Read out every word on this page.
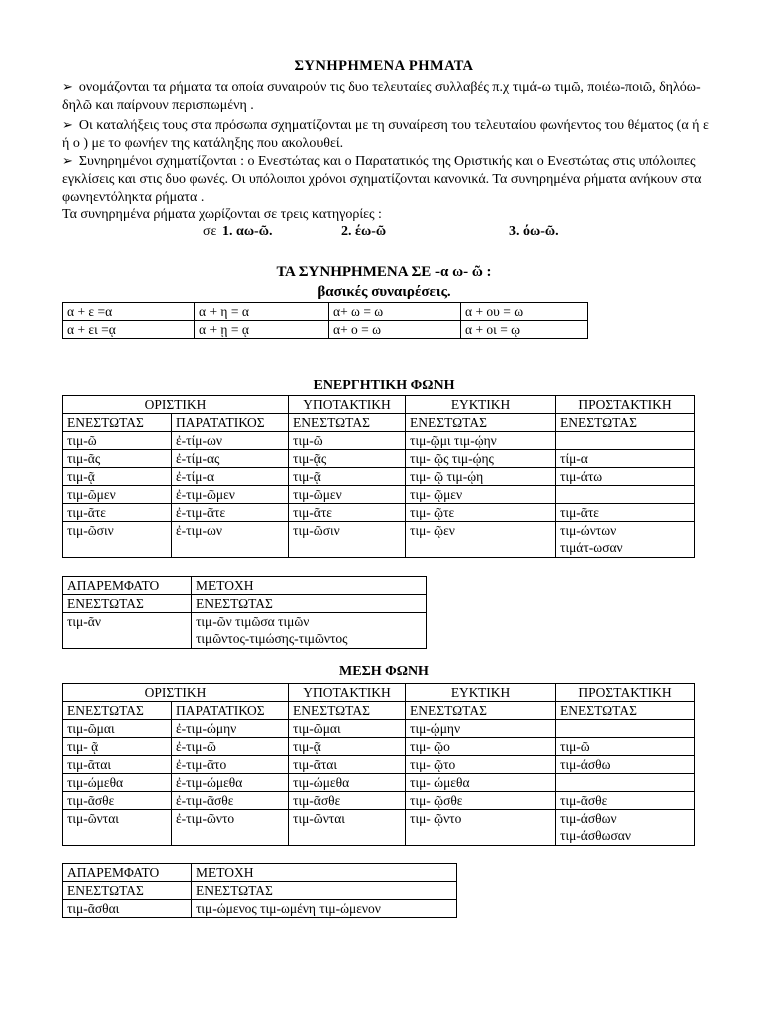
ΣΥΝΗΡΗΜΕΝΑ ΡΗΜΑΤΑ
➢ ονομάζονται τα ρήματα τα οποία συναιρούν τις δυο τελευταίες συλλαβές π.χ τιμά-ω τιμῶ, ποιέω-ποιῶ, δηλόω-δηλῶ και παίρνουν περισπωμένη .
➢ Οι καταλήξεις τους στα πρόσωπα σχηματίζονται με τη συναίρεση του τελευταίου φωνήεντος του θέματος (α ή ε ή ο ) με το φωνήεν της κατάληξης που ακολουθεί.
➢ Συνηρημένοι σχηματίζονται : ο Ενεστώτας και ο Παρατατικός της Οριστικής και ο Ενεστώτας στις υπόλοιπες εγκλίσεις και στις δυο φωνές. Οι υπόλοιποι χρόνοι σχηματίζονται κανονικά. Τα συνηρημένα ρήματα ανήκουν στα φωνηεντόληκτα ρήματα .
Τα συνηρημένα ρήματα χωρίζονται σε τρεις κατηγορίες :
σε 1. αω-ῶ.	2. έω-ῶ	3. όω-ῶ.
ΤΑ ΣΥΝΗΡΗΜΕΝΑ ΣΕ -α ω- ῶ :
βασικές συναιρέσεις.
α + ε =α	α + η = α	α+ ω = ω	α + ου = ω
α + ει =ᾳ	α + ῃ = ᾳ	α+ ο = ω	α + οι = ῳ
ΕΝΕΡΓΗΤΙΚΗ ΦΩΝΗ
ΟΡΙΣΤΙΚΗ		ΥΠΟΤΑΚΤΙΚΗ	ΕΥΚΤΙΚΗ	ΠΡΟΣΤΑΚΤΙΚΗ
ΕΝΕΣΤΩΤΑΣ	ΠΑΡΑΤΑΤΙΚΟΣ	ΕΝΕΣΤΩΤΑΣ	ΕΝΕΣΤΩΤΑΣ	ΕΝΕΣΤΩΤΑΣ
τιμ-ῶ	ἐ-τίμ-ων	τιμ-ῶ	τιμ-ῷμι τιμ-ῴην	
τιμ-ᾶς	ἐ-τίμ-ας	τιμ-ᾷς	τιμ- ῷς τιμ-ῴης	τίμ-α
τιμ-ᾷ	ἐ-τίμ-α	τιμ-ᾷ	τιμ- ῷ τιμ-ῴη	τιμ-άτω
τιμ-ῶμεν	ἐ-τιμ-ῶμεν	τιμ-ῶμεν	τιμ- ῷμεν	
τιμ-ᾶτε	ἐ-τιμ-ᾶτε	τιμ-ᾶτε	τιμ- ῷτε	τιμ-ᾶτε
τιμ-ῶσιν	ἐ-τιμ-ων	τιμ-ῶσιν	τιμ- ῷεν	τιμ-ώντων
τιμάτ-ωσαν
ΑΠΑΡΕΜΦΑΤΟ	ΜΕΤΟΧΗ
ΕΝΕΣΤΩΤΑΣ	ΕΝΕΣΤΩΤΑΣ
τιμ-ᾶν	τιμ-ῶν τιμῶσα τιμῶν
τιμῶντος-τιμώσης-τιμῶντος
ΜΕΣΗ ΦΩΝΗ
ΟΡΙΣΤΙΚΗ		ΥΠΟΤΑΚΤΙΚΗ	ΕΥΚΤΙΚΗ	ΠΡΟΣΤΑΚΤΙΚΗ
ΕΝΕΣΤΩΤΑΣ	ΠΑΡΑΤΑΤΙΚΟΣ	ΕΝΕΣΤΩΤΑΣ	ΕΝΕΣΤΩΤΑΣ	ΕΝΕΣΤΩΤΑΣ
τιμ-ῶμαι	ἐ-τιμ-ώμην	τιμ-ῶμαι	τιμ-ῴμην	
τιμ- ᾷ	ἐ-τιμ-ῶ	τιμ-ᾷ	τιμ- ῷο	τιμ-ῶ
τιμ-ᾶται	ἐ-τιμ-ᾶτο	τιμ-ᾶται	τιμ- ῷτο	τιμ-άσθω
τιμ-ώμεθα	ἐ-τιμ-ώμεθα	τιμ-ώμεθα	τιμ- ώμεθα	
τιμ-ᾶσθε	ἐ-τιμ-ᾶσθε	τιμ-ᾶσθε	τιμ- ῷσθε	τιμ-ᾶσθε
τιμ-ῶνται	ἐ-τιμ-ῶντο	τιμ-ῶνται	τιμ- ῷντο	τιμ-άσθων
τιμ-άσθωσαν
ΑΠΑΡΕΜΦΑΤΟ	ΜΕΤΟΧΗ
ΕΝΕΣΤΩΤΑΣ	ΕΝΕΣΤΩΤΑΣ
τιμ-ᾶσθαι	τιμ-ώμενος τιμ-ωμένη τιμ-ώμενον
